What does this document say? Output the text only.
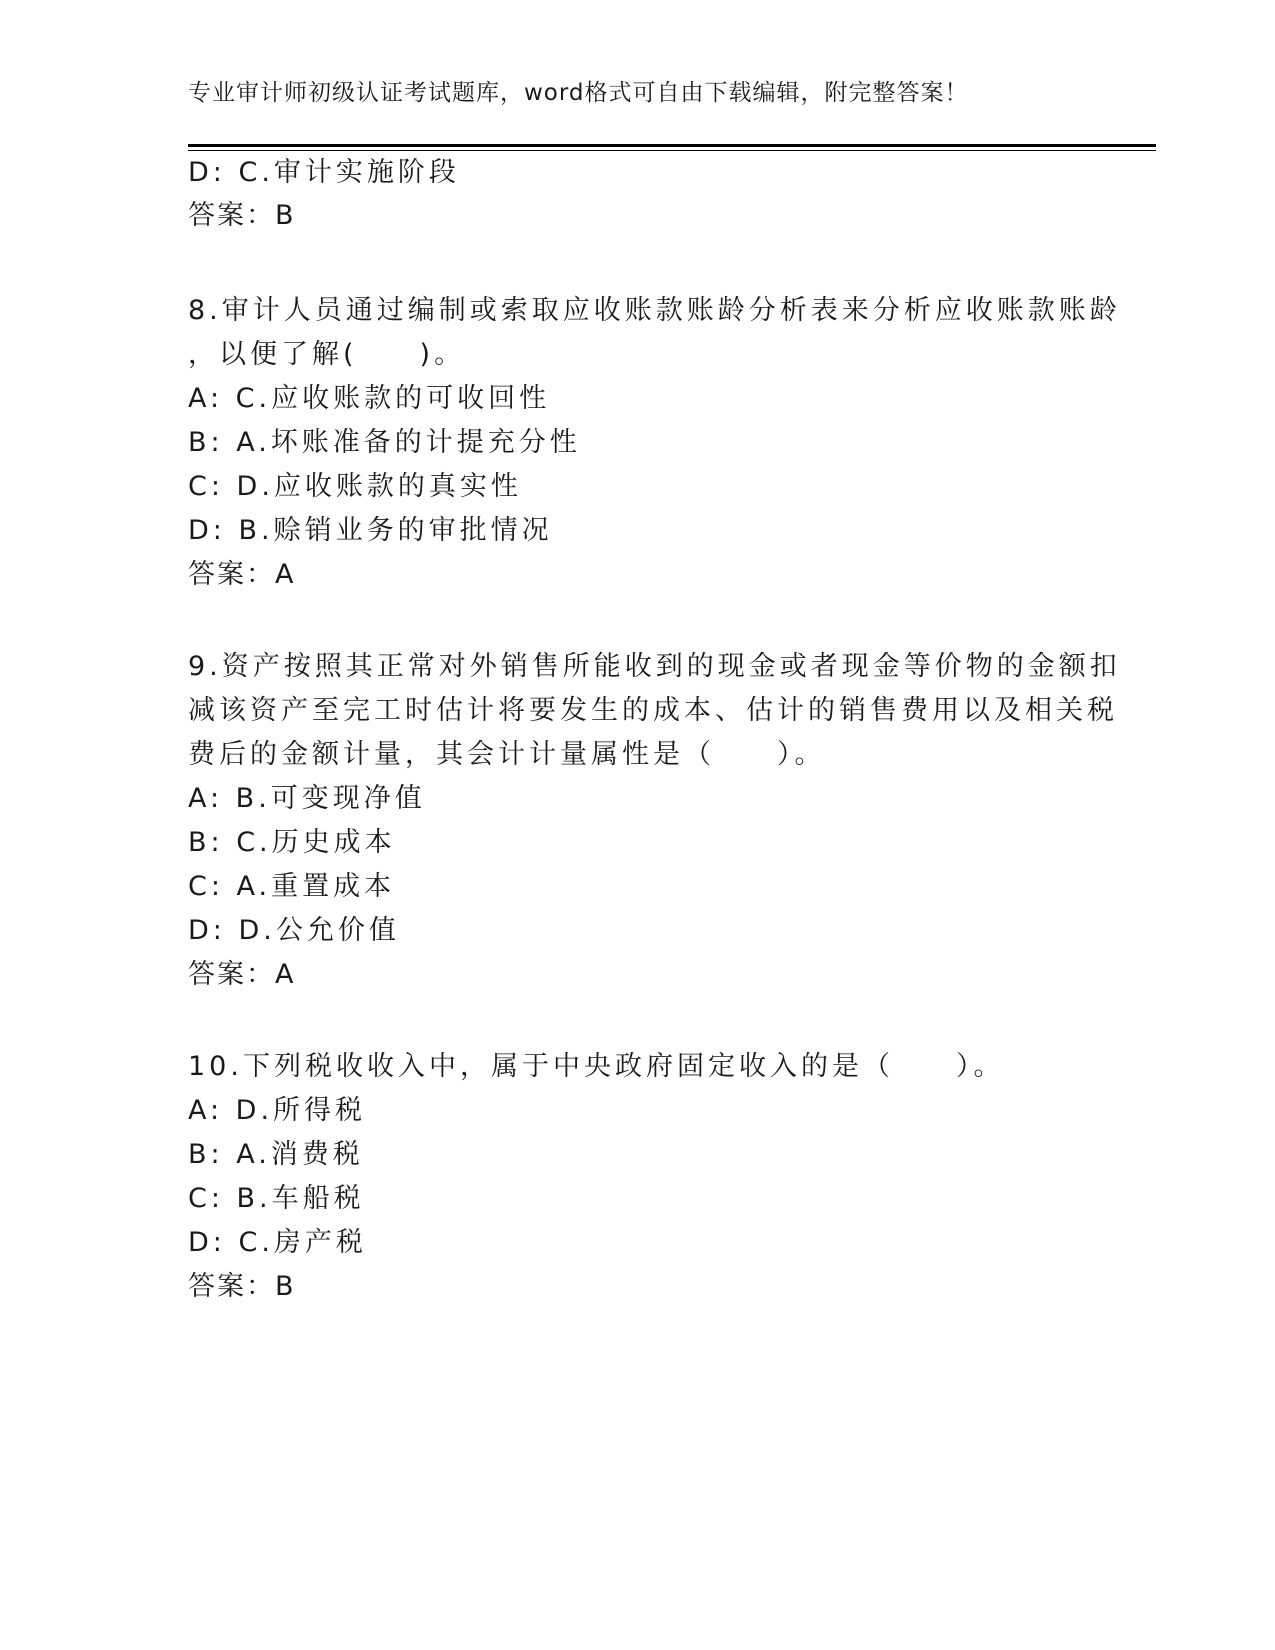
专业审计师初级认证考试题库，word格式可自由下载编辑，附完整答案！
D: C.审计实施阶段
答案：B
8.审计人员通过编制或索取应收账款账龄分析表来分析应收账款账龄
，以便了解(　　)。
A: C.应收账款的可收回性
B: A.坏账准备的计提充分性
C: D.应收账款的真实性
D: B.赊销业务的审批情况
答案：A
9.资产按照其正常对外销售所能收到的现金或者现金等价物的金额扣
减该资产至完工时估计将要发生的成本、估计的销售费用以及相关税
费后的金额计量，其会计计量属性是（　　）。
A: B.可变现净值
B: C.历史成本
C: A.重置成本
D: D.公允价值
答案：A
10.下列税收收入中，属于中央政府固定收入的是（　　）。
A: D.所得税
B: A.消费税
C: B.车船税
D: C.房产税
答案：B
